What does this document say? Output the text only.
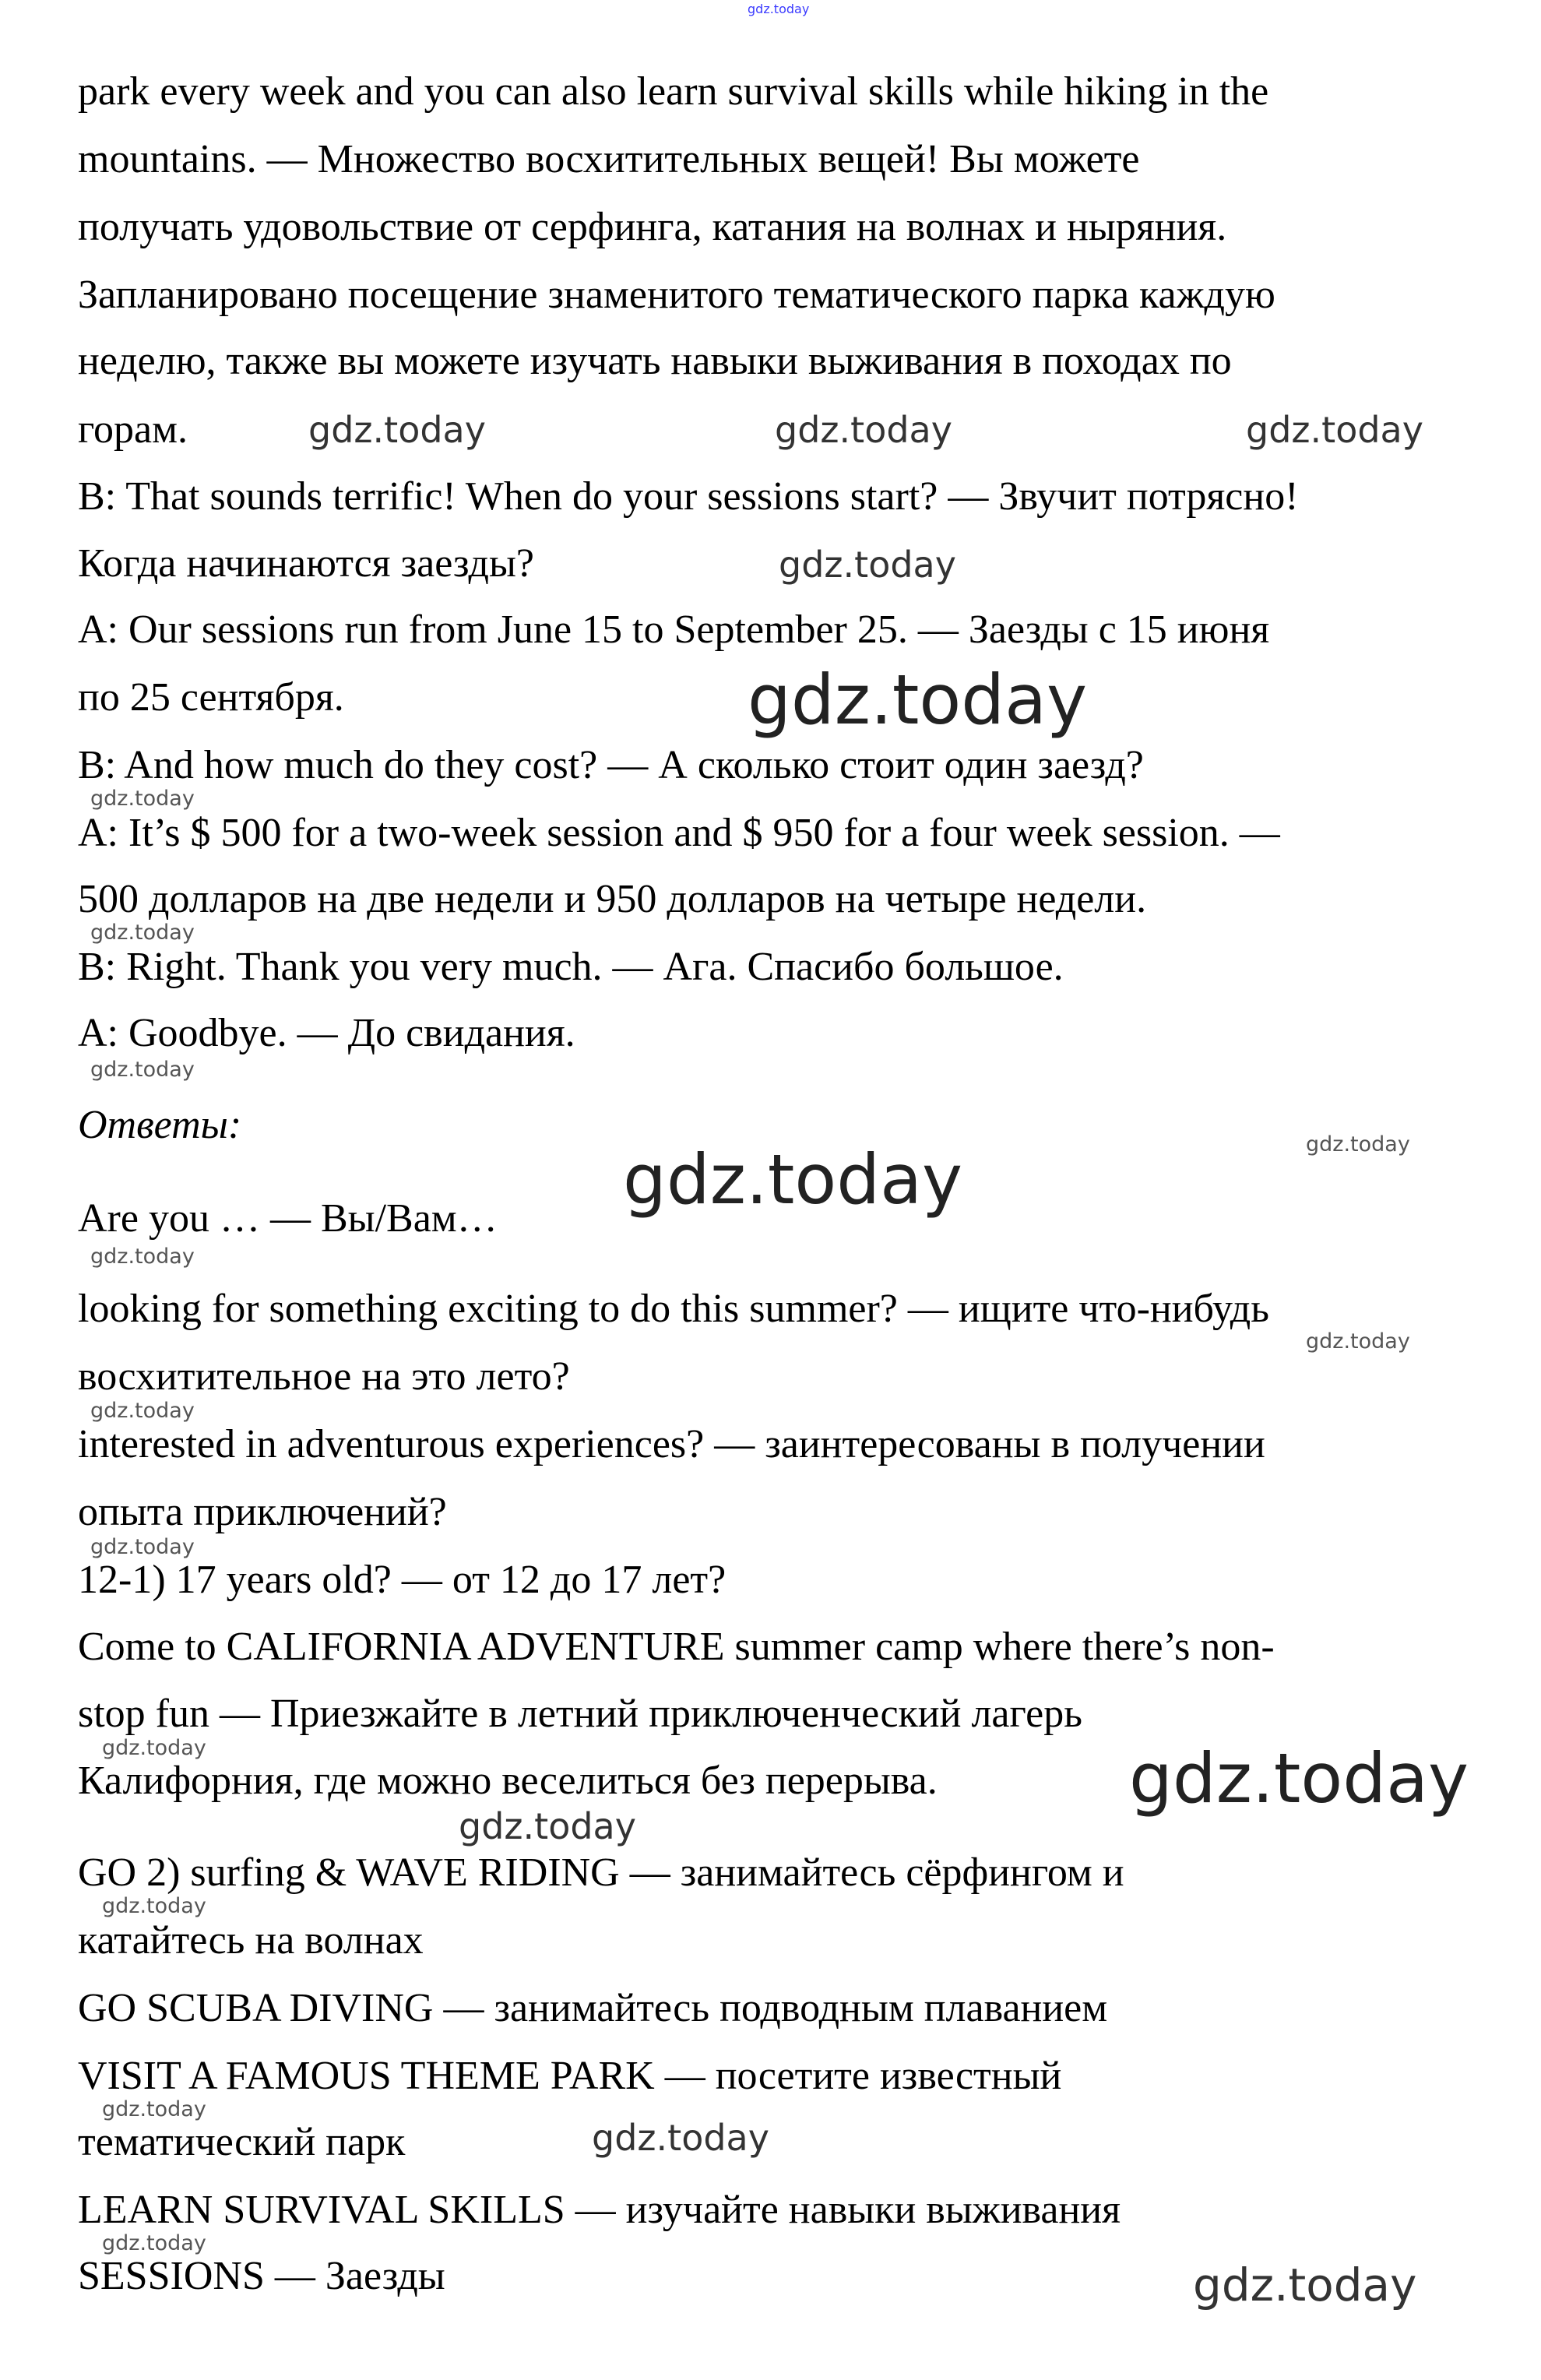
park every week and you can also learn survival skills while hiking in the
mountains. — Множество восхитительных вещей! Вы можете
получать удовольствие от серфинга, катания на волнах и ныряния.
Запланировано посещение знаменитого тематического парка каждую
неделю, также вы можете изучать навыки выживания в походах по
горам.
B: That sounds terrific! When do your sessions start? — Звучит потрясно!
Когда начинаются заезды?
A: Our sessions run from June 15 to September 25. — Заезды с 15 июня
по 25 сентября.
B: And how much do they cost? — А сколько стоит один заезд?
A: It’s $ 500 for a two-week session and $ 950 for a four week session. —
500 долларов на две недели и 950 долларов на четыре недели.
B: Right. Thank you very much. — Ага. Спасибо большое.
A: Goodbye. — До свидания.
Ответы:
Are you … — Вы/Вам…
looking for something exciting to do this summer? — ищите что-нибудь
восхитительное на это лето?
interested in adventurous experiences? — заинтересованы в получении
опыта приключений?
12-1) 17 years old? — от 12 до 17 лет?
Come to CALIFORNIA ADVENTURE summer camp where there’s non-
stop fun — Приезжайте в летний приключенческий лагерь
Калифорния, где можно веселиться без перерыва.
GO 2) surfing & WAVE RIDING — занимайтесь сёрфингом и
катайтесь на волнах
GO SCUBA DIVING — занимайтесь подводным плаванием
VISIT A FAMOUS THEME PARK — посетите известный
тематический парк
LEARN SURVIVAL SKILLS — изучайте навыки выживания
SESSIONS — Заезды
gdz.today
gdz.today	gdz.today	gdz.today
gdz.today
gdz.today
gdz.today
gdz.today
gdz.today
gdz.today
gdz.today
gdz.today
gdz.today
gdz.today
gdz.today
gdz.today	gdz.today
gdz.today
gdz.today
gdz.today
gdz.today
gdz.today
gdz.today
